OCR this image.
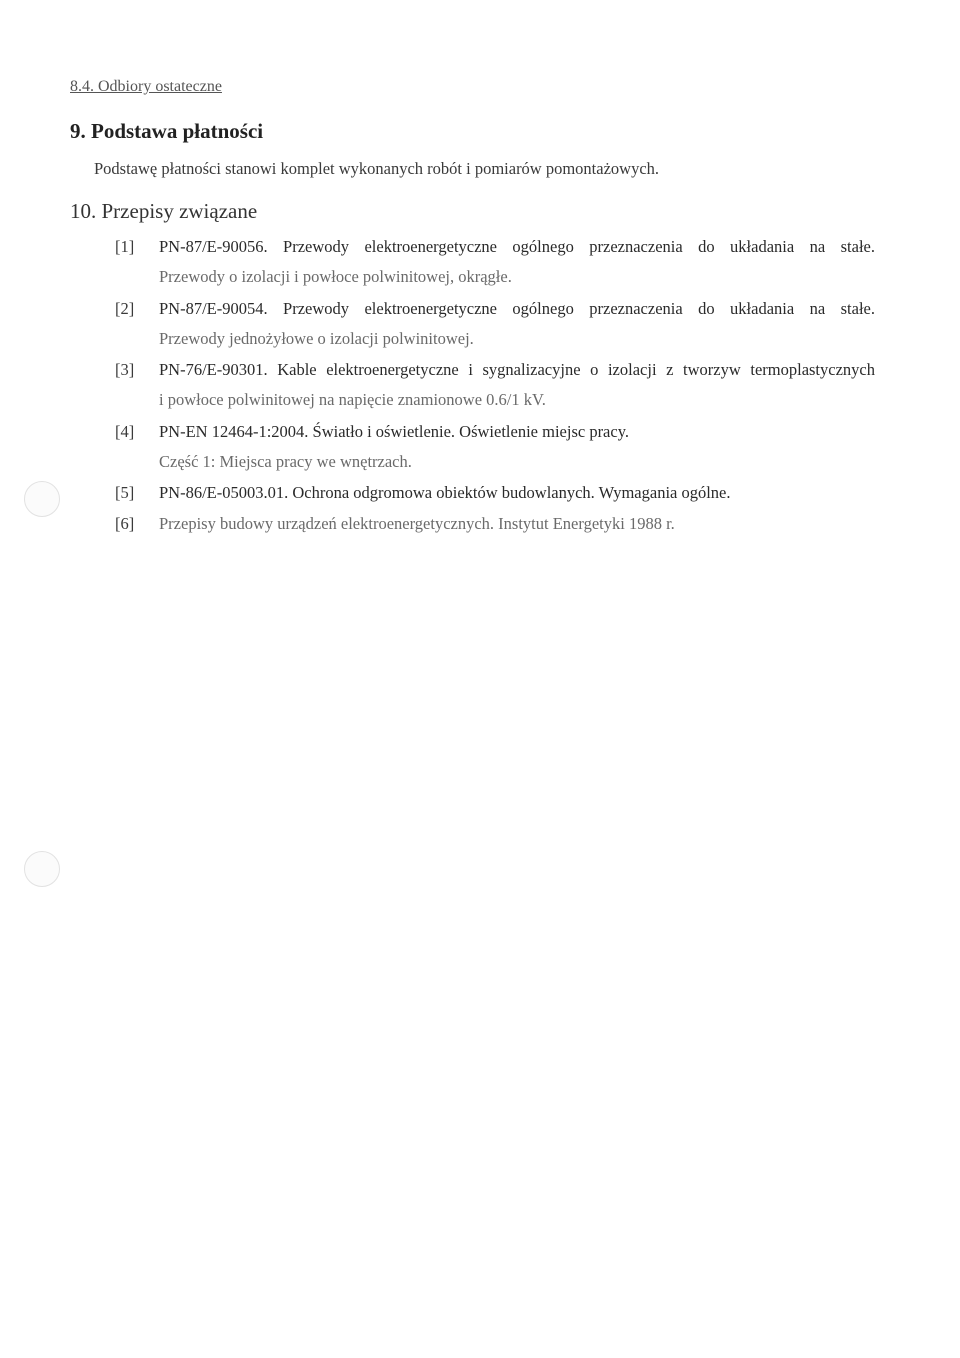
8.4. Odbiory ostateczne
9. Podstawa płatności
Podstawę płatności stanowi komplet wykonanych robót i pomiarów pomontażowych.
10. Przepisy związane
[1] PN-87/E-90056. Przewody elektroenergetyczne ogólnego przeznaczenia do układania na stałe.
Przewody o izolacji i powłoce polwinitowej, okrągłe.
[2] PN-87/E-90054. Przewody elektroenergetyczne ogólnego przeznaczenia do układania na stałe.
Przewody jednożyłowe o izolacji polwinitowej.
[3] PN-76/E-90301. Kable elektroenergetyczne i sygnalizacyjne o izolacji z tworzyw termoplastycznych
i powłoce polwinitowej na napięcie znamionowe 0.6/1 kV.
[4] PN-EN 12464-1:2004. Światło i oświetlenie. Oświetlenie miejsc pracy.
Część 1: Miejsca pracy we wnętrzach.
[5] PN-86/E-05003.01. Ochrona odgromowa obiektów budowlanych. Wymagania ogólne.
[6] Przepisy budowy urządzeń elektroenergetycznych. Instytut Energetyki 1988 r.
